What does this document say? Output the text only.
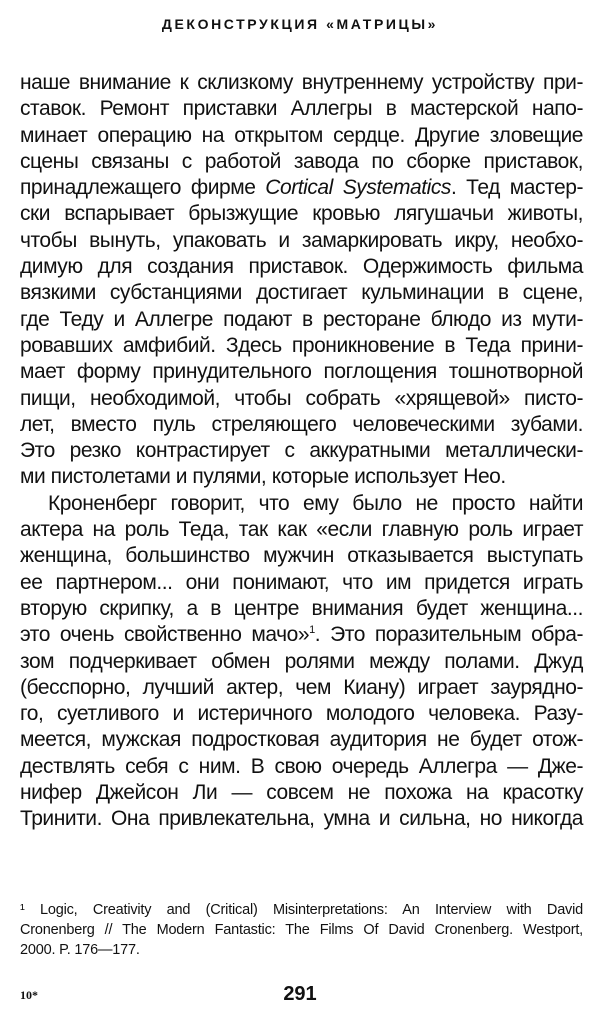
ДЕКОНСТРУКЦИЯ «МАТРИЦЫ»
наше внимание к склизкому внутреннему устройству при-
ставок. Ремонт приставки Аллегры в мастерской напо-
минает операцию на открытом сердце. Другие зловещие
сцены связаны с работой завода по сборке приставок,
принадлежащего фирме Cortical Systematics. Тед мастер-
ски вспарывает брызжущие кровью лягушачьи животы,
чтобы вынуть, упаковать и замаркировать икру, необхо-
димую для создания приставок. Одержимость фильма
вязкими субстанциями достигает кульминации в сцене,
где Теду и Аллегре подают в ресторане блюдо из мути-
ровавших амфибий. Здесь проникновение в Теда прини-
мает форму принудительного поглощения тошнотворной
пищи, необходимой, чтобы собрать «хрящевой» писто-
лет, вместо пуль стреляющего человеческими зубами.
Это резко контрастирует с аккуратными металлически-
ми пистолетами и пулями, которые использует Нео.
Кроненберг говорит, что ему было не просто найти
актера на роль Теда, так как «если главную роль играет
женщина, большинство мужчин отказывается выступать
ее партнером... они понимают, что им придется играть
вторую скрипку, а в центре внимания будет женщина...
это очень свойственно мачо»$^1$. Это поразительным обра-
зом подчеркивает обмен ролями между полами. Джуд
(бесспорно, лучший актер, чем Киану) играет заурядно-
го, суетливого и истеричного молодого человека. Разу-
меется, мужская подростковая аудитория не будет отож-
дествлять себя с ним. В свою очередь Аллегра — Дже-
нифер Джейсон Ли — совсем не похожа на красотку
Тринити. Она привлекательна, умна и сильна, но никогда
¹ Logic, Creativity and (Critical) Misinterpretations: An Interview with David
Cronenberg // The Modern Fantastic: The Films Of David Cronenberg. Westport,
2000. P. 176—177.
10*	291
